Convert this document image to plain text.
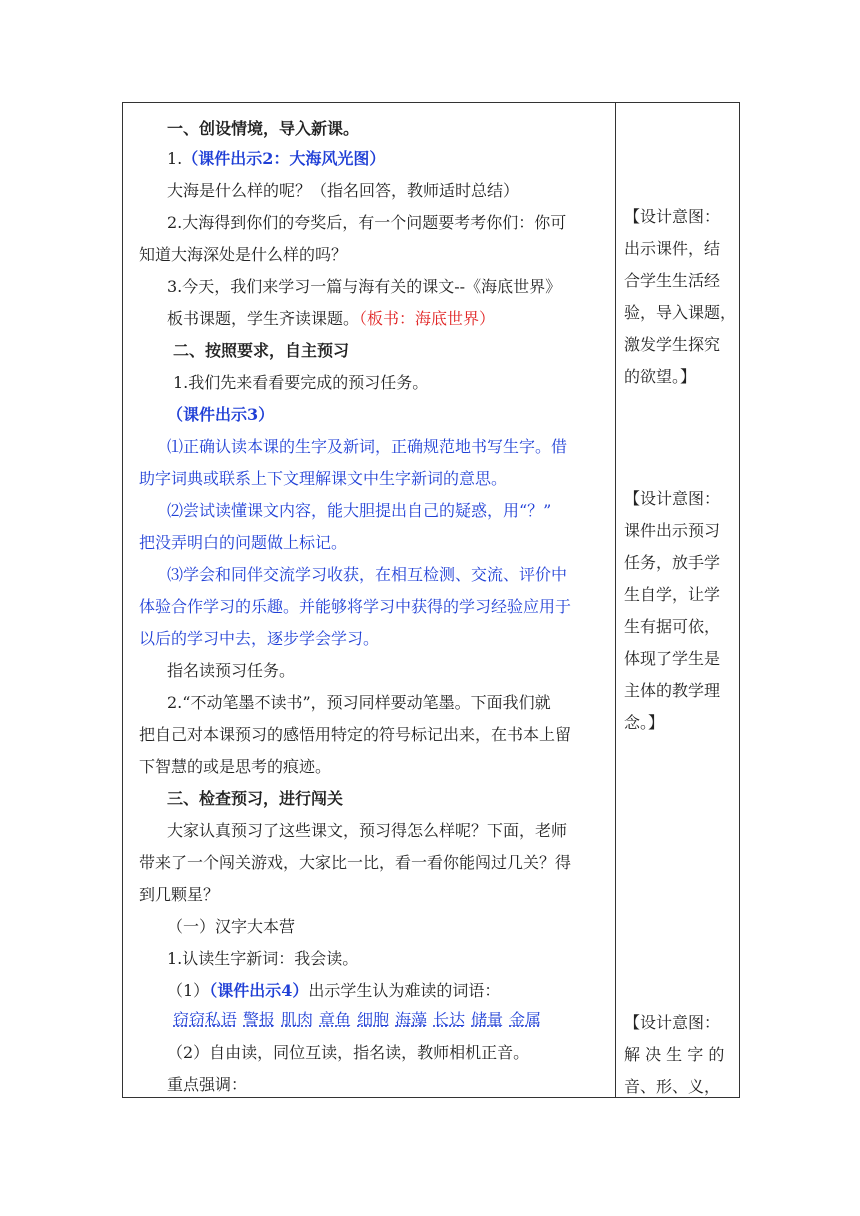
一、创设情境，导入新课。
1.（课件出示2：大海风光图）
大海是什么样的呢？（指名回答，教师适时总结）
2.大海得到你们的夸奖后，有一个问题要考考你们：你可
知道大海深处是什么样的吗？
3.今天，我们来学习一篇与海有关的课文--《海底世界》
板书课题，学生齐读课题。（板书：海底世界）
二、按照要求，自主预习
1.我们先来看看要完成的预习任务。
（课件出示3）
⑴正确认读本课的生字及新词，正确规范地书写生字。借
助字词典或联系上下文理解课文中生字新词的意思。
⑵尝试读懂课文内容，能大胆提出自己的疑惑，用“？”
把没弄明白的问题做上标记。
⑶学会和同伴交流学习收获，在相互检测、交流、评价中
体验合作学习的乐趣。并能够将学习中获得的学习经验应用于
以后的学习中去，逐步学会学习。
指名读预习任务。
2.“不动笔墨不读书”，预习同样要动笔墨。下面我们就
把自己对本课预习的感悟用特定的符号标记出来，在书本上留
下智慧的或是思考的痕迹。
三、检查预习，进行闯关
大家认真预习了这些课文，预习得怎么样呢？下面，老师
带来了一个闯关游戏，大家比一比，看一看你能闯过几关？得
到几颗星？
（一）汉字大本营
1.认读生字新词：我会读。
（1）（课件出示4）出示学生认为难读的词语：
窃窃私语 警报 肌肉 章鱼 细胞 海藻 长达 储量 金属
（2）自由读，同位互读，指名读，教师相机正音。
重点强调：
【设计意图：
出示课件，结
合学生生活经
验，导入课题，
激发学生探究
的欲望。】
【设计意图：
课件出示预习
任务，放手学
生自学，让学
生有据可依，
体现了学生是
主体的教学理
念。】
【设计意图：
解 决 生 字 的
音、形、义，
